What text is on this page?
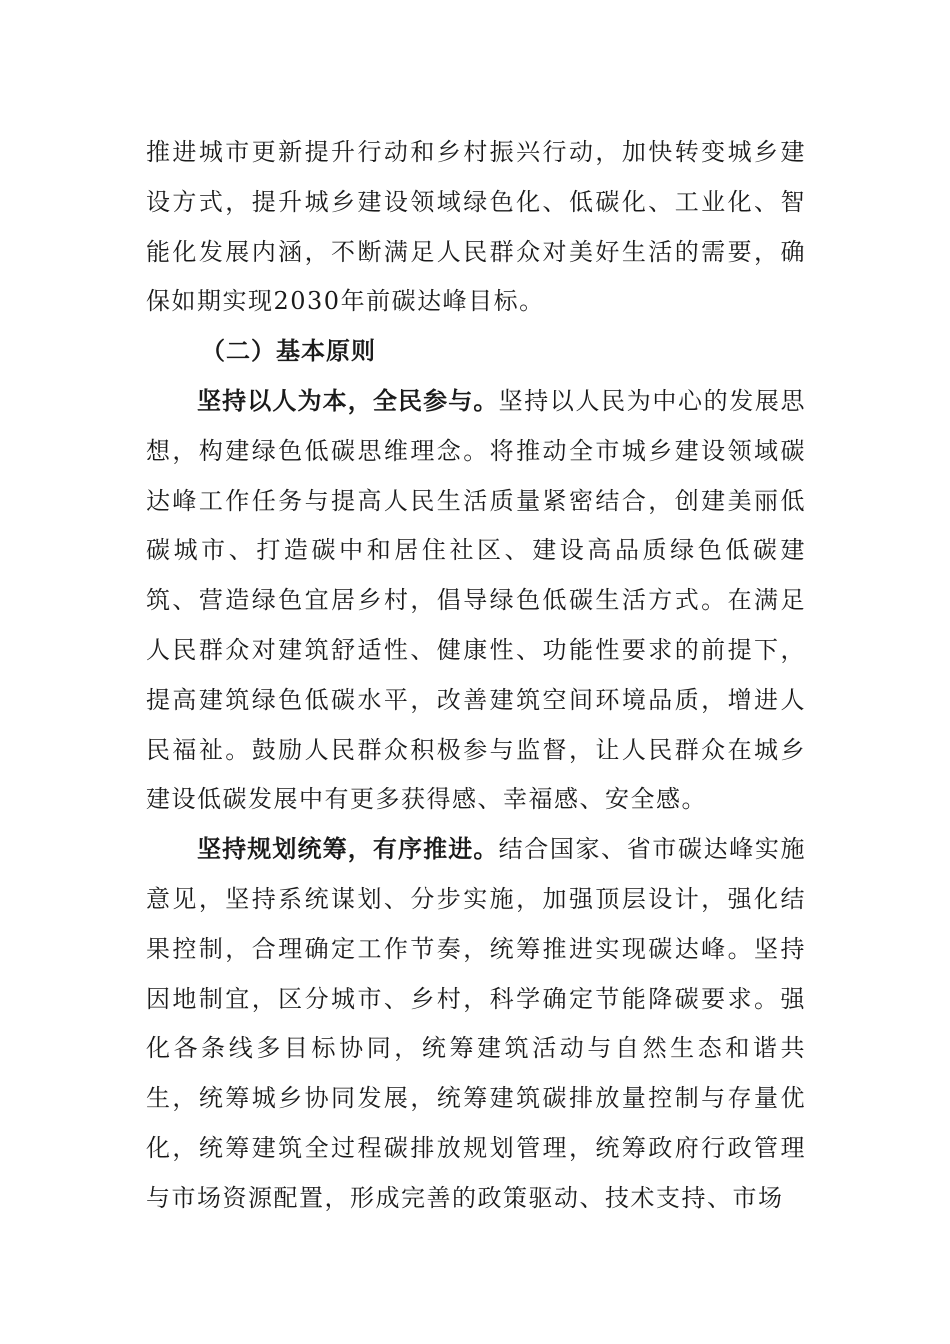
推进城市更新提升行动和乡村振兴行动，加快转变城乡建设方式，提升城乡建设领域绿色化、低碳化、工业化、智能化发展内涵，不断满足人民群众对美好生活的需要，确保如期实现2030年前碳达峰目标。

（二）基本原则

坚持以人为本，全民参与。坚持以人民为中心的发展思想，构建绿色低碳思维理念。将推动全市城乡建设领域碳达峰工作任务与提高人民生活质量紧密结合，创建美丽低碳城市、打造碳中和居住社区、建设高品质绿色低碳建筑、营造绿色宜居乡村，倡导绿色低碳生活方式。在满足人民群众对建筑舒适性、健康性、功能性要求的前提下，提高建筑绿色低碳水平，改善建筑空间环境品质，增进人民福祉。鼓励人民群众积极参与监督，让人民群众在城乡建设低碳发展中有更多获得感、幸福感、安全感。

坚持规划统筹，有序推进。结合国家、省市碳达峰实施意见，坚持系统谋划、分步实施，加强顶层设计，强化结果控制，合理确定工作节奏，统筹推进实现碳达峰。坚持因地制宜，区分城市、乡村，科学确定节能降碳要求。强化各条线多目标协同，统筹建筑活动与自然生态和谐共生，统筹城乡协同发展，统筹建筑碳排放量控制与存量优化，统筹建筑全过程碳排放规划管理，统筹政府行政管理与市场资源配置，形成完善的政策驱动、技术支持、市场
